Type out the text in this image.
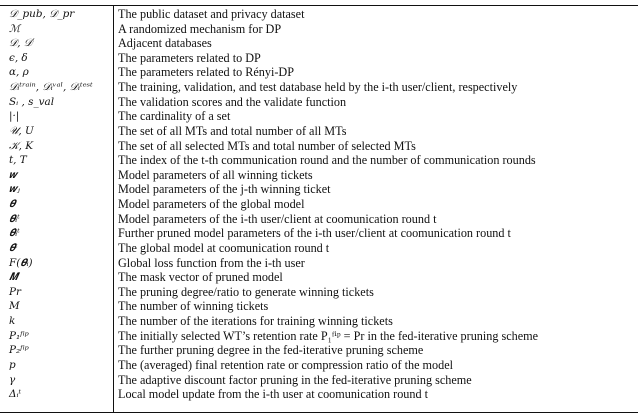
𝒟_pub, 𝒟_pr	The public dataset and privacy dataset
ℳ	A randomized mechanism for DP
𝒟, 𝒟′	Adjacent databases
ϵ, δ	The parameters related to DP
α, ρ	The parameters related to Rényi-DP
𝒟ᵢᵗʳᵃⁱⁿ, 𝒟ᵢᵛᵃˡ, 𝒟ᵢᵗᵉˢᵗ	The training, validation, and test database held by the i-th user/client, respectively
Sᵢ , s_val	The validation scores and the validate function
|·|	The cardinality of a set
𝒰, U	The set of all MTs and total number of all MTs
𝒦, K	The set of all selected MTs and total number of selected MTs
t, T	The index of the t-th communication round and the number of communication rounds
𝒘	Model parameters of all winning tickets
𝒘ⱼ	Model parameters of the j-th winning ticket
𝜽	Model parameters of the global model
𝜽ᵢᵗ	Model parameters of the i-th user/client at coomunication round t
𝜽̂ᵢᵗ	Further pruned model parameters of the i-th user/client at coomunication round t
𝜽̂ᵗ	The global model at coomunication round t
F(𝜽ᵢ)	Global loss function from the i-th user
𝑴	The mask vector of pruned model
Pr	The pruning degree/ratio to generate winning tickets
M	The number of winning tickets
k	The number of the iterations for training winning tickets
P₁ᶠⁱᵖ	The initially selected WT’s retention rate P₁ᶠⁱᵖ = Pr in the fed-iterative pruning scheme
P₂ᶠⁱᵖ	The further pruning degree in the fed-iterative pruning scheme
p	The (averaged) final retention rate or compression ratio of the model
γ	The adaptive discount factor pruning in the fed-iterative pruning scheme
Δᵢᵗ	Local model update from the i-th user at coomunication round t
